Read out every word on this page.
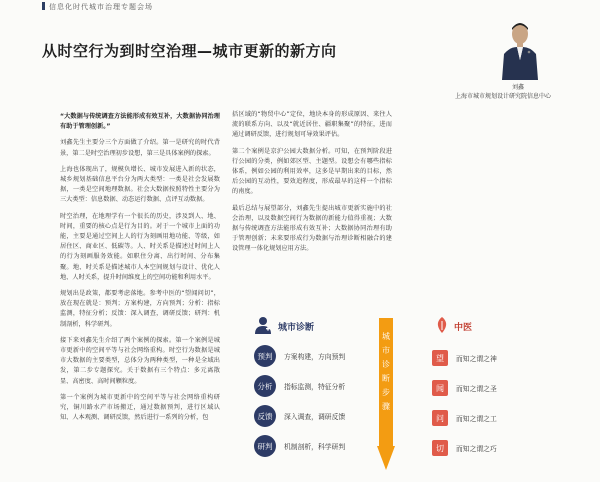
信息化时代城市治理专题会场
从时空行为到时空治理—城市更新的新方向
刘鑫
上海市城市规划设计研究院信息中心

“大数据与传统调查方法能形成有效互补，大数据协同治理有助于管理创新。”

刘鑫先生主要分三个方面做了介绍。第一是研究的时代背景，第二是时空治理初步设想，第三是具体案例的探索。

上海也体现出了，规模负增长、城市发展进入新的状态，城乡规划基础信息平台分为两大类型：一类是社会发展数据，一类是空间地理数据。社会大数据按照特性主要分为三大类型：信息数据、动态运行数据、点评互动数据。

时空治理，在地理学有一个很长的历史，涉及到人、地、时间，重要的核心点是行为目的。对于一个城市上面的功能，主要是通过空间上人的行为刻画用地功能、等级，如居住区、商业区、低碳等。人、时关系是描述过时间上人的行为刻画服务效能。如职住分离、出行时间、分布集聚。地、时关系是描述城市人本空间规划与设计、优化人地、人时关系，提升时间维度上的空间功能和利用水平。

规划出是政策，都要考虑落地。参考中医的“望闻问切”，放在现在就是：预判；方案构建，方向预判；分析：指标监测，特征分析；反馈：深入调查，调研反馈；研判：机制剖析，科学研判。

接下来刘鑫先生介绍了两个案例的探索。第一个案例是城市更新中的空间平等与社会网络重构。时空行为数据是城市大数据的主要类型，总体分为两种类型，一种是全域出发，第二步专题探究。关于数据有三个特点：多元离散显、高密度、高时间颗粒度。

第一个案例为城市更新中的空间平等与社会网络重构研究，铜川路水产市场搬迁，通过数据预判，进行区域认知、人本观测、调研反馈，然后进行一系列的分析，包

括区域的“物贸中心”定位，地块本身的形成原因、来往人流的联系方向、以及“就近居住、疆职集聚”的特征，进而通过调研反馈，进行规划可导效果评估。

第二个案例是京沪公园大数据分析。可知，在预判阶段进行公园的分类，例如郊区型、主题型。设想会有哪些指标体系，例如公园的利用效率，这多是早期出来的目标，然后公园的互动性，要效追程度，形成最早的这样一个指标的南度。

最后总结与展望部分，刘鑫先生提出城市更新实施中的社会治理，以及数据空间行为数据的新能力值得重视；大数据与传统调查方法能形成有效互补；大数据协同治理有助于管理创新；未来要形成行为数据与治理诊断相融合的建设管理一体化规划应用方法。

城市诊断
预判	方案构建，方向预判
分析	指标监测，特征分析
反馈	深入调查，调研反馈
研判	机制剖析，科学研判
城市诊断步骤
中医
望	而知之谓之神
闻	而知之谓之圣
问	而知之谓之工
切	而知之谓之巧
